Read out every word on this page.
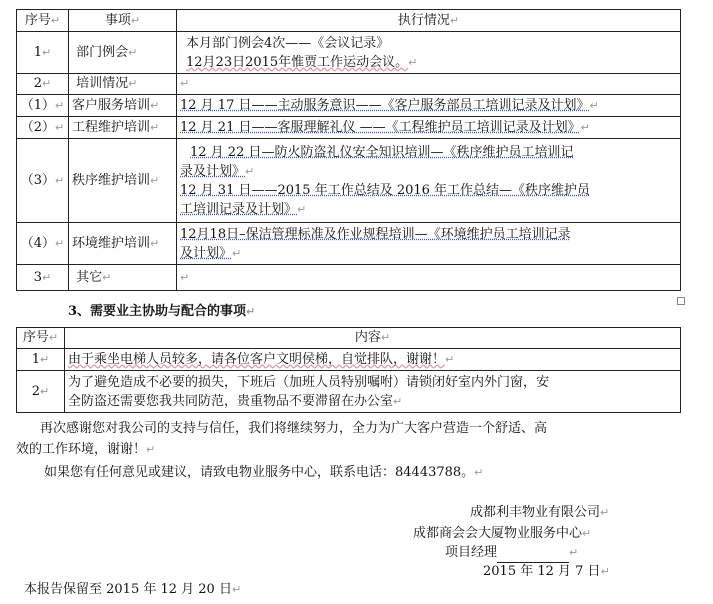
序号↵	事项↵	执行情况↵
1↵	部门例会↵	本月部门例会4次——《会议记录》
12月23日2015年惟贾工作运动会议。↵

2↵	培训情况↵	↵
（1）↵	客户服务培训↵	12 月 17 日——主动服务意识——《客户服务部员工培训记录及计划》↵
（2）↵	工程维护培训↵	12 月 21 日——客服理解礼仪 ——《工程维护员工培训记录及计划》↵
（3）↵	秩序维护培训↵	12 月 22 日—防火防盗礼仪安全知识培训—《秩序维护员工培训记
录及计划》↵
12 月 31 日——2015 年工作总结及 2016 年工作总结—《秩序维护员
工培训记录及计划》↵

（4）↵	环境维护培训↵	12月18日–保洁管理标准及作业规程培训—《环境维护员工培训记录
及计划》↵

3↵	其它↵	↵
3、需要业主协助与配合的事项↵
序号↵	内容↵
1↵	由于乘坐电梯人员较多，请各位客户文明侯梯，自觉排队，谢谢！↵
2↵	为了避免造成不必要的损失，下班后（加班人员特别嘱咐）请锁闭好室内外门窗，安
全防盗还需要您我共同防范，贵重物品不要滞留在办公室↵
再次感谢您对我公司的支持与信任，我们将继续努力，全力为广大客户营造一个舒适、高
效的工作环境，谢谢！↵
如果您有任何意见或建议，请致电物业服务中心，联系电话：84443788。↵
成都利丰物业有限公司↵
成都商会会大厦物业服务中心↵
项目经理	↵
2015 年 12 月 7 日↵
本报告保留至 2015 年 12 月 20 日↵
